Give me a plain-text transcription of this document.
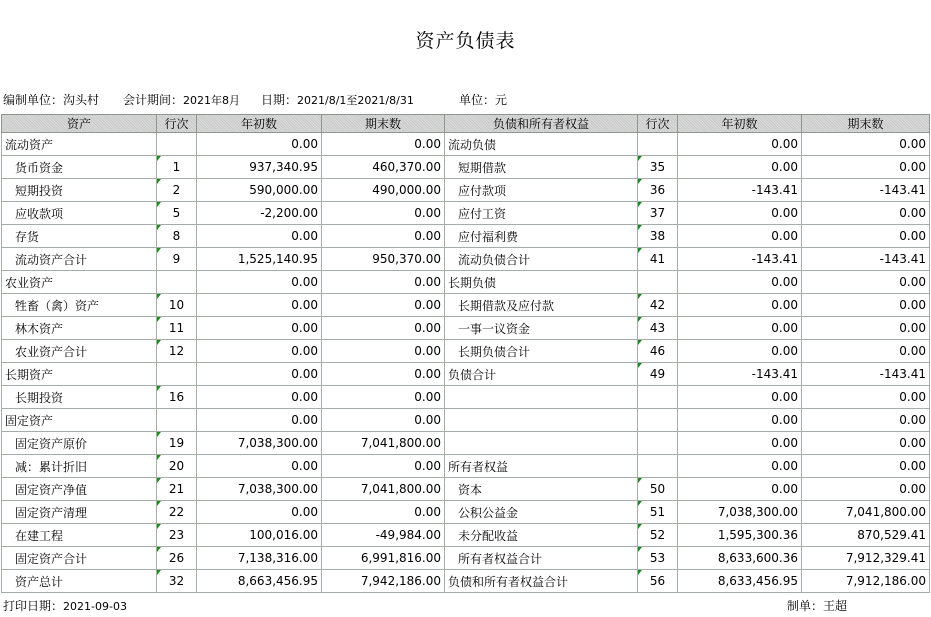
资产负债表
编制单位：沟头村 会计期间：2021年8月 日期：2021/8/1至2021/8/31	单位：元
资产	行次	年初数	期末数	负债和所有者权益	行次	年初数	期末数
流动资产		0.00	0.00	流动负债		0.00	0.00
货币资金	1	937,340.95	460,370.00	短期借款	35	0.00	0.00
短期投资	2	590,000.00	490,000.00	应付款项	36	-143.41	-143.41
应收款项	5	-2,200.00	0.00	应付工资	37	0.00	0.00
存货	8	0.00	0.00	应付福利费	38	0.00	0.00
流动资产合计	9	1,525,140.95	950,370.00	流动负债合计	41	-143.41	-143.41
农业资产		0.00	0.00	长期负债		0.00	0.00
牲畜（禽）资产	10	0.00	0.00	长期借款及应付款	42	0.00	0.00
林木资产	11	0.00	0.00	一事一议资金	43	0.00	0.00
农业资产合计	12	0.00	0.00	长期负债合计	46	0.00	0.00
长期资产		0.00	0.00	负债合计	49	-143.41	-143.41
长期投资	16	0.00	0.00			0.00	0.00
固定资产		0.00	0.00			0.00	0.00
固定资产原价	19	7,038,300.00	7,041,800.00			0.00	0.00
减：累计折旧	20	0.00	0.00	所有者权益		0.00	0.00
固定资产净值	21	7,038,300.00	7,041,800.00	资本	50	0.00	0.00
固定资产清理	22	0.00	0.00	公积公益金	51	7,038,300.00	7,041,800.00
在建工程	23	100,016.00	-49,984.00	未分配收益	52	1,595,300.36	870,529.41
固定资产合计	26	7,138,316.00	6,991,816.00	所有者权益合计	53	8,633,600.36	7,912,329.41
资产总计	32	8,663,456.95	7,942,186.00	负债和所有者权益合计	56	8,633,456.95	7,912,186.00
打印日期：2021-09-03	制单：王超
